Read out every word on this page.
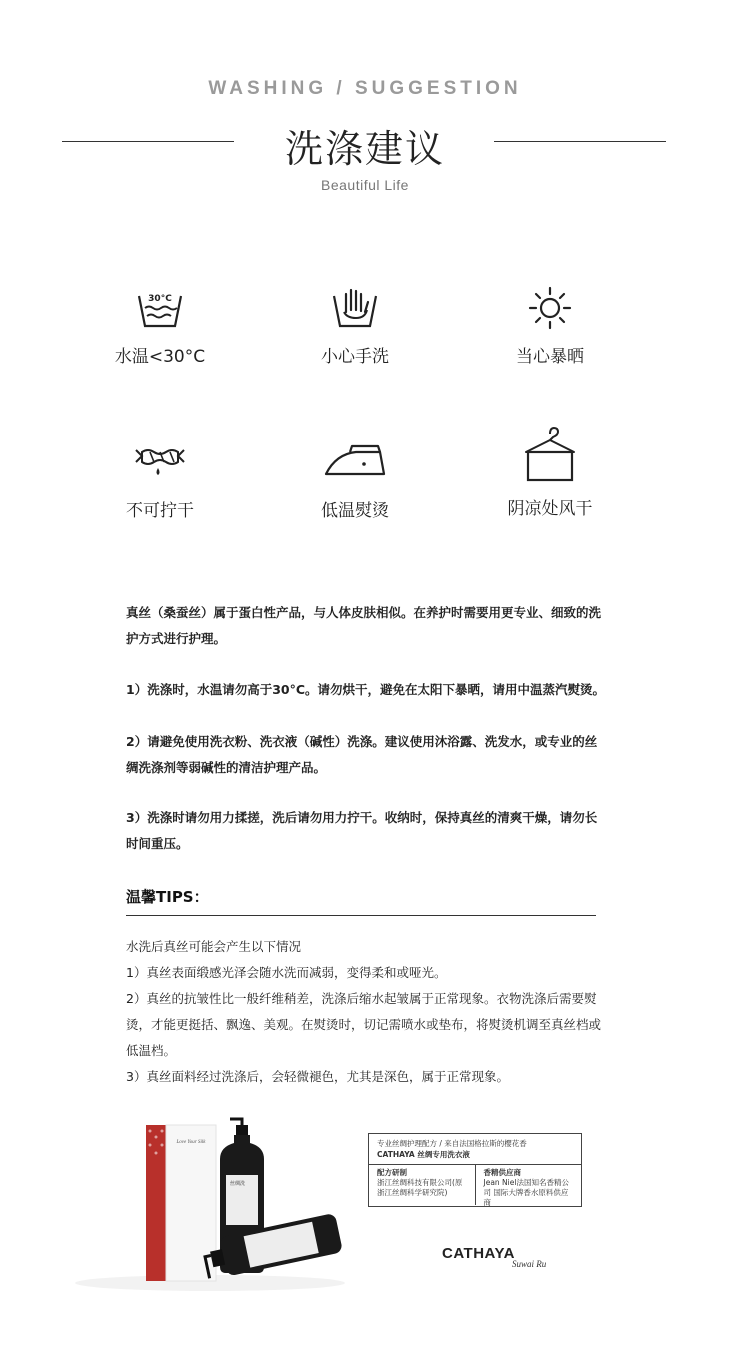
WASHING / SUGGESTION
洗涤建议
Beautiful Life
30°C
水温<30°C	小心手洗	当心暴晒
不可拧干	低温熨烫	阴凉处风干
真丝（桑蚕丝）属于蛋白性产品，与人体皮肤相似。在养护时需要用更专业、细致的洗护方式进行护理。
1）洗涤时，水温请勿高于30°C。请勿烘干，避免在太阳下暴晒，请用中温蒸汽熨烫。
2）请避免使用洗衣粉、洗衣液（碱性）洗涤。建议使用沐浴露、洗发水，或专业的丝绸洗涤剂等弱碱性的清洁护理产品。
3）洗涤时请勿用力揉搓，洗后请勿用力拧干。收纳时，保持真丝的清爽干燥，请勿长时间重压。
温馨TIPS：
水洗后真丝可能会产生以下情况
1）真丝表面缎感光泽会随水洗而减弱，变得柔和或哑光。
2）真丝的抗皱性比一般纤维稍差，洗涤后缩水起皱属于正常现象。衣物洗涤后需要熨烫，才能更挺括、飘逸、美观。在熨烫时，切记需喷水或垫布，将熨烫机调至真丝档或低温档。
3）真丝面料经过洗涤后，会轻微褪色，尤其是深色，属于正常现象。
Love Your Silk
丝绸洗
专业丝绸护理配方 / 来自法国格拉斯的樱花香
CATHAYA 丝绸专用洗衣液
配方研制
浙江丝绸科技有限公司(原浙江丝绸科学研究院)
香精供应商
Jean Niel法国知名香精公司 国际大牌香水原料供应商
CATHAYA
Suwai Ru
